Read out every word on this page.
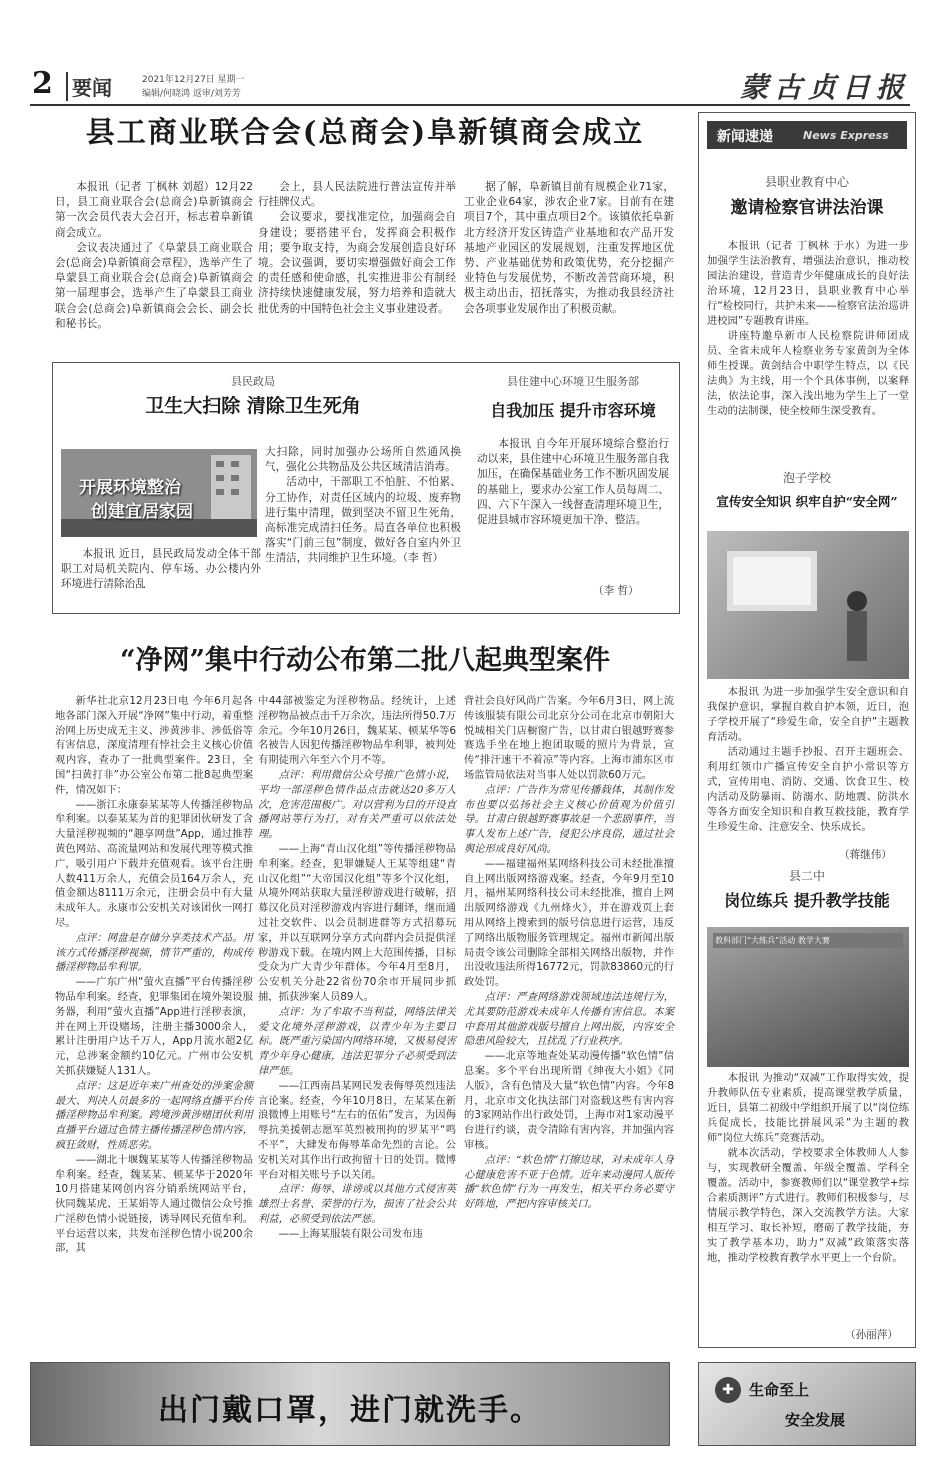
2 要闻	2021年12月27日 星期一
编辑/何晓鸿 返审/刘芳芳	蒙古贞日报
县工商业联合会(总商会)阜新镇商会成立

本报讯（记者 丁枫林 刘超）12月22日，县工商业联合会(总商会)阜新镇商会第一次会员代表大会召开，标志着阜新镇商会成立。

会议表决通过了《阜蒙县工商业联合会(总商会)阜新镇商会章程》，选举产生了阜蒙县工商业联合会(总商会)阜新镇商会第一届理事会，选举产生了阜蒙县工商业联合会(总商会)阜新镇商会会长、副会长和秘书长。

会上，县人民法院进行普法宣传并举行挂牌仪式。

会议要求，要找准定位，加强商会自身建设；要搭建平台，发挥商会积极作用；要争取支持，为商会发展创造良好环境。会议强调，要切实增强做好商会工作的责任感和使命感，扎实推进非公有制经济持续快速健康发展，努力培养和造就大批优秀的中国特色社会主义事业建设者。

据了解，阜新镇目前有规模企业71家，工业企业64家，涉农企业7家。目前有在建项目7个，其中重点项目2个。该镇依托阜新北方经济开发区铸造产业基地和农产品开发基地产业园区的发展规划，注重发挥地区优势、产业基础优势和政策优势，充分挖掘产业特色与发展优势，不断改善营商环境，积极主动出击，招抚落实，为推动我县经济社会各项事业发展作出了积极贡献。

县民政局
卫生大扫除 清除卫生死角
开展环境整治
创建宜居家园

本报讯 近日，县民政局发动全体干部职工对局机关院内、停车场、办公楼内外环境进行清除治乱

大扫除，同时加强办公场所自然通风换气，强化公共物品及公共区域清洁消毒。

活动中，干部职工不怕脏、不怕累、分工协作，对责任区域内的垃圾、废弃物进行集中清理，做到坚决不留卫生死角，高标准完成清扫任务。局直各单位也积极落实“门前三包”制度，做好各自室内外卫生清洁，共同维护卫生环境。（李 哲）

县住建中心环境卫生服务部
自我加压 提升市容环境

本报讯 自今年开展环境综合整治行动以来，县住建中心环境卫生服务部自我加压，在确保基础业务工作不断巩固发展的基础上，要求办公室工作人员每周二、四、六下午深入一线督查清理环境卫生，促进县城市容环境更加干净、整洁。

（李 哲）
“净网”集中行动公布第二批八起典型案件

新华社北京12月23日电 今年6月起各地各部门深入开展“净网”集中行动，着重整治网上历史成无主义、涉黄涉非、涉低俗等有害信息，深度清理有悖社会主义核心价值观内容，查办了一批典型案件。23日，全国“扫黄打非”办公室公布第二批8起典型案件，情况如下：

——浙江永康泰某某等人传播淫秽物品牟利案。以泰某某为首的犯罪团伙研发了含大量淫秽视频的“趣享网盘”App，通过推荐黄色网站、高流量网站和发展代理等模式推广，吸引用户下载并充值观看。该平台注册人数411万余人，充值会员164万余人，充值金额达8111万余元，注册会员中有大量未成年人。永康市公安机关对该团伙一网打尽。

点评：网盘是存储分享类技术产品。用该方式传播淫秽视频，情节严重的，构成传播淫秽物品牟利罪。

——广东广州“萤火直播”平台传播淫秽物品牟利案。经查，犯罪集团在境外架设服务器，利用“萤火直播”App进行淫秽表演，并在网上开设赌场，注册主播3000余人，累计注册用户达千万人，App月流水超2亿元，总涉案金额约10亿元。广州市公安机关抓获嫌疑人131人。

点评：这是近年来广州查处的涉案金额最大、判决人员最多的一起网络直播平台传播淫秽物品牟利案。跨境涉黄涉赌团伙利用直播平台通过色情主播传播淫秽色情内容，疯狂敛财，性质恶劣。

——湖北十堰魏某某等人传播淫秽物品牟利案。经查，魏某某、顿某华于2020年10月搭建某网创内容分销系统网站平台，伙同魏某虎、王某娟等人通过微信公众号推广淫秽色情小说链接，诱导网民充值牟利。平台运营以来，共发布淫秽色情小说200余部，其

中44部被鉴定为淫秽物品。经统计，上述淫秽物品被点击千万余次，违法所得50.7万余元。今年10月26日，魏某某、顿某华等6名被告人因犯传播淫秽物品牟利罪，被判处有期徒刑六年至六个月不等。

点评：利用微信公众号推广色情小说，平均一部淫秽色情作品点击就达20多万人次，危害范围极广。对以营利为目的开设直播网站等行为打，对有关严重可以依法处理。

——上海“青山汉化组”等传播淫秽物品牟利案。经查，犯罪嫌疑人王某等组建“青山汉化组”“大帝国汉化组”等多个汉化组，从境外网站获取大量淫秽游戏进行破解，招募汉化员对淫秽游戏内容进行翻译，继而通过社交软件、以会员制进群等方式招募玩家，并以互联网分享方式向群内会员提供淫秽游戏下载。在境内网上大范围传播，目标受众为广大青少年群体。今年4月至8月，公安机关分赴22省份70余市开展同步抓捕，抓获涉案人员89人。

点评：为了牟取不当利益，网络法律关爱文化境外淫秽游戏，以青少年为主要目标。既严重污染国内网络环境，又极易侵害青少年身心健康，违法犯罪分子必须受到法律严惩。

——江西南昌某网民发表侮辱英烈违法言论案。经查，今年10月8日，左某某在新浪微博上用账号“左右的伍佑”发言，为因侮辱抗美援朝志愿军英烈被刑拘的罗某平“鸣不平”，大肆发布侮辱革命先烈的言论。公安机关对其作出行政拘留十日的处罚。微博平台对相关账号予以关闭。

点评：侮辱、诽谤或以其他方式侵害英雄烈士名誉、荣誉的行为，损害了社会公共利益，必须受到依法严惩。

——上海某服装有限公司发布违

背社会良好风尚广告案。今年6月3日，网上流传该服装有限公司北京分公司在北京市朝阳大悦城相关门店橱窗广告，以甘肃白银越野赛参赛选手坐在地上抱团取暖的照片为背景，宣传“排汗速干不着凉”等内容。上海市浦东区市场监管局依法对当事人处以罚款60万元。

点评：广告作为常见传播载体，其制作发布也要以弘扬社会主义核心价值观为价值引导。甘肃白银越野赛事故是一个悲剧事件，当事人发布上述广告，侵犯公序良俗，通过社会舆论形成良好风尚。

——福建福州某网络科技公司未经批准擅自上网出版网络游戏案。经查，今年9月至10月，福州某网络科技公司未经批准，擅自上网出版网络游戏《九州烽火》，并在游戏页上套用从网络上搜索到的版号信息进行运营，违反了网络出版物服务管理规定。福州市新闻出版局责令该公司删除全部相关网络出版物，并作出没收违法所得16772元，罚款83860元的行政处罚。

点评：严查网络游戏领域违法违规行为，尤其要防范游戏未成年人传播有害信息。本案中套用其他游戏版号擅自上网出版，内容安全隐患风险较大，且扰乱了行业秩序。

——北京等地查处某动漫传播“软色情”信息案。多个平台出现所谓《绅夜大小姐》《同人版》，含有色情及大量“软色情”内容。今年8月，北京市文化执法部门对盗载这些有害内容的3家网站作出行政处罚，上海市对1家动漫平台进行约谈，责令清除有害内容，并加强内容审核。

点评：“软色情”打擦边球，对未成年人身心健康危害不亚于色情。近年来动漫同人版传播“软色情”行为一再发生，相关平台务必要守好阵地，严把内容审核关口。

新闻速递	News Express
县职业教育中心
邀请检察官讲法治课

本报讯（记者 丁枫林 于水）为进一步加强学生法治教育，增强法治意识，推动校园法治建设，营造青少年健康成长的良好法治环境，12月23日，县职业教育中心举行“检校同行，共护未来——检察官法治巡讲进校园”专题教育讲座。

讲座特邀阜新市人民检察院讲师团成员、全省未成年人检察业务专家黄剑为全体师生授课。黄剑结合中职学生特点，以《民法典》为主线，用一个个具体事例，以案释法，依法论事，深入浅出地为学生上了一堂生动的法制课，使全校师生深受教育。

泡子学校
宣传安全知识 织牢自护“安全网”

本报讯 为进一步加强学生安全意识和自我保护意识，掌握自救自护本领，近日，泡子学校开展了“珍爱生命，安全自护”主题教育活动。

活动通过主题手抄报、召开主题班会、利用红领巾广播宣传安全自护小常识等方式，宣传用电、消防、交通、饮食卫生、校内活动及防暴雨、防溺水、防地震、防洪水等各方面安全知识和自救互救技能，教育学生珍爱生命、注意安全、快乐成长。

（蒋继伟）
县二中
岗位练兵 提升教学技能
教科部门“大练兵”活动 教学大赛

本报讯 为推动“双减”工作取得实效，提升教师队伍专业素质，提高课堂教学质量，近日，县第二初级中学组织开展了以“岗位练兵促成长，技能比拼展风采”为主题的教师“岗位大练兵”竞赛活动。

就本次活动，学校要求全体教师人人参与，实现教研全覆盖、年级全覆盖、学科全覆盖。活动中，参赛教师们以“课堂教学+综合素质测评”方式进行。教师们积极参与，尽情展示教学特色，深入交流教学方法。大家相互学习、取长补短，磨砺了教学技能，夯实了教学基本功，助力“双减”政策落实落地，推动学校教育教学水平更上一个台阶。

（孙丽萍）
出门戴口罩，进门就洗手。
✚	生命至上
安全发展
